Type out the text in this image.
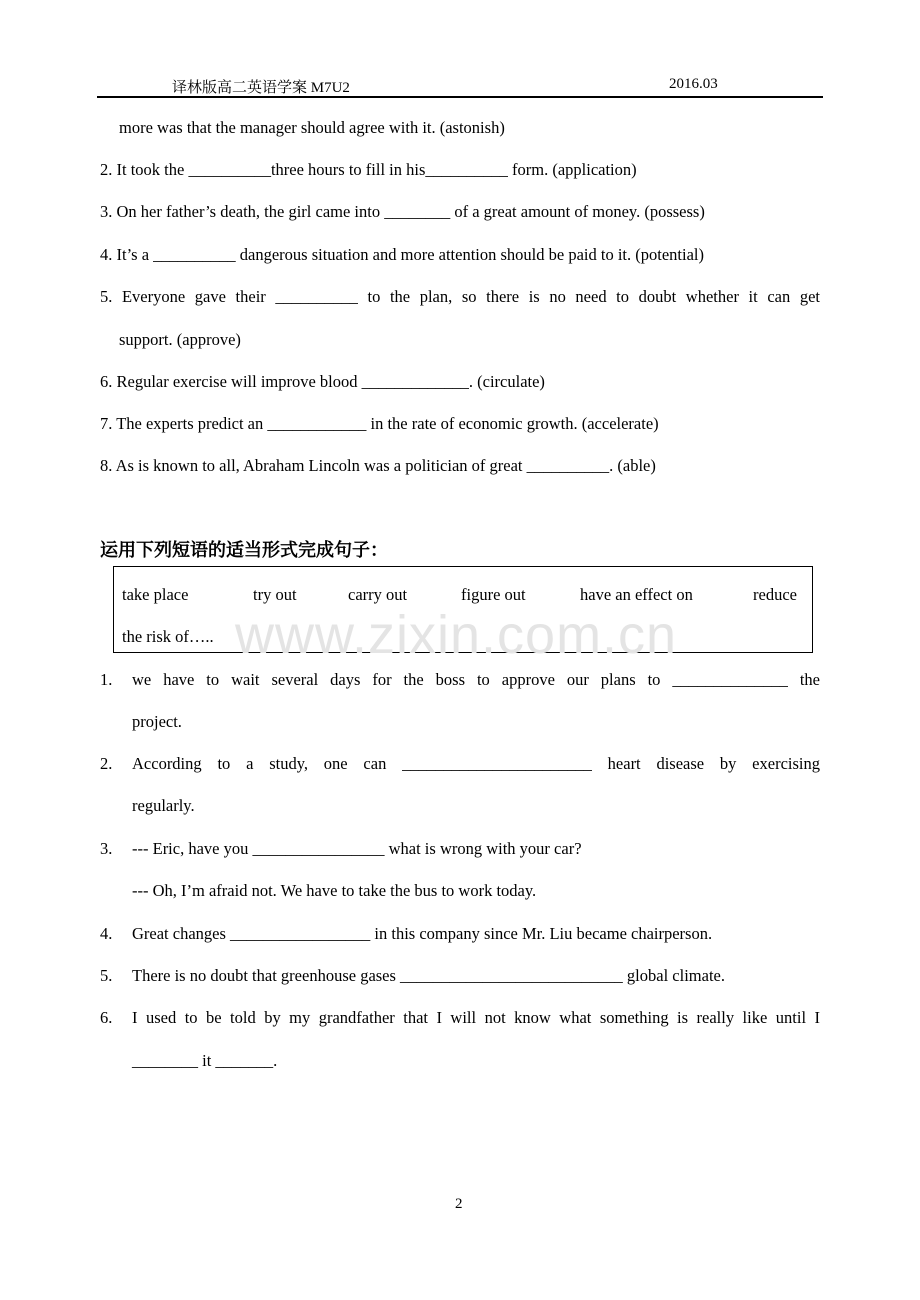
译林版高二英语学案 M7U2	2016.03
more was that the manager should agree with it. (astonish)
2. It took the __________three hours to fill in his__________ form. (application)
3. On her father’s death, the girl came into ________ of a great amount of money. (possess)
4. It’s a __________ dangerous situation and more attention should be paid to it. (potential)
5. Everyone gave their __________ to the plan, so there is no need to doubt whether it can get
support. (approve)
6. Regular exercise will improve blood _____________. (circulate)
7. The experts predict an ____________ in the rate of economic growth. (accelerate)
8. As is known to all, Abraham Lincoln was a politician of great __________. (able)
运用下列短语的适当形式完成句子：
www.zixin.com.cn
take place	try out	carry out	figure out	have an effect on	reduce
the risk of…..
1. we have to wait several days for the boss to approve our plans to ______________ the
project.
2. According to a study, one can _______________________ heart disease by exercising
regularly.
3. --- Eric, have you ________________ what is wrong with your car?
--- Oh, I’m afraid not. We have to take the bus to work today.
4. Great changes _________________ in this company since Mr. Liu became chairperson.
5. There is no doubt that greenhouse gases ___________________________ global climate.
6. I used to be told by my grandfather that I will not know what something is really like until I
________ it _______.
2
